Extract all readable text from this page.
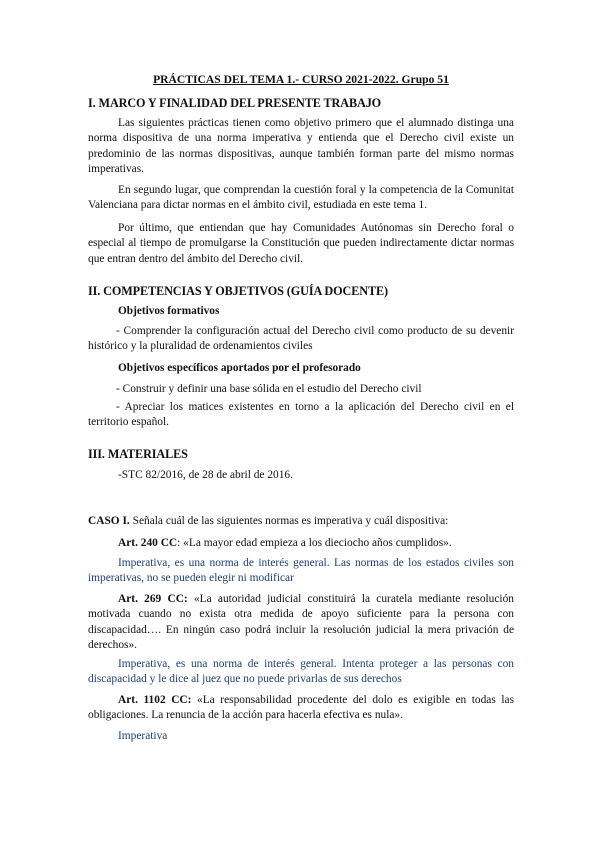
PRÁCTICAS DEL TEMA 1.- CURSO 2021-2022. Grupo 51

I. MARCO Y FINALIDAD DEL PRESENTE TRABAJO

Las siguientes prácticas tienen como objetivo primero que el alumnado distinga una norma dispositiva de una norma imperativa y entienda que el Derecho civil existe un predominio de las normas dispositivas, aunque también forman parte del mismo normas imperativas.

En segundo lugar, que comprendan la cuestión foral y la competencia de la Comunitat Valenciana para dictar normas en el ámbito civil, estudiada en este tema 1.

Por último, que entiendan que hay Comunidades Autónomas sin Derecho foral o especial al tiempo de promulgarse la Constitución que pueden indirectamente dictar normas que entran dentro del ámbito del Derecho civil.

II. COMPETENCIAS Y OBJETIVOS (GUÍA DOCENTE)

Objetivos formativos

- Comprender la configuración actual del Derecho civil como producto de su devenir histórico y la pluralidad de ordenamientos civiles

Objetivos específicos aportados por el profesorado

- Construir y definir una base sólida en el estudio del Derecho civil

- Apreciar los matices existentes en torno a la aplicación del Derecho civil en el territorio español.

III. MATERIALES

-STC 82/2016, de 28 de abril de 2016.

CASO I. Señala cuál de las siguientes normas es imperativa y cuál dispositiva:

Art. 240 CC: «La mayor edad empieza a los dieciocho años cumplidos».

Imperativa, es una norma de interés general. Las normas de los estados civiles son imperativas, no se pueden elegir ni modificar

Art. 269 CC: «La autoridad judicial constituirá la curatela mediante resolución motivada cuando no exista otra medida de apoyo suficiente para la persona con discapacidad…. En ningún caso podrá incluir la resolución judicial la mera privación de derechos».

Imperativa, es una norma de interés general. Intenta proteger a las personas con discapacidad y le dice al juez que no puede privarlas de sus derechos

Art. 1102 CC: «La responsabilidad procedente del dolo es exigible en todas las obligaciones. La renuncia de la acción para hacerla efectiva es nula».

Imperativa
